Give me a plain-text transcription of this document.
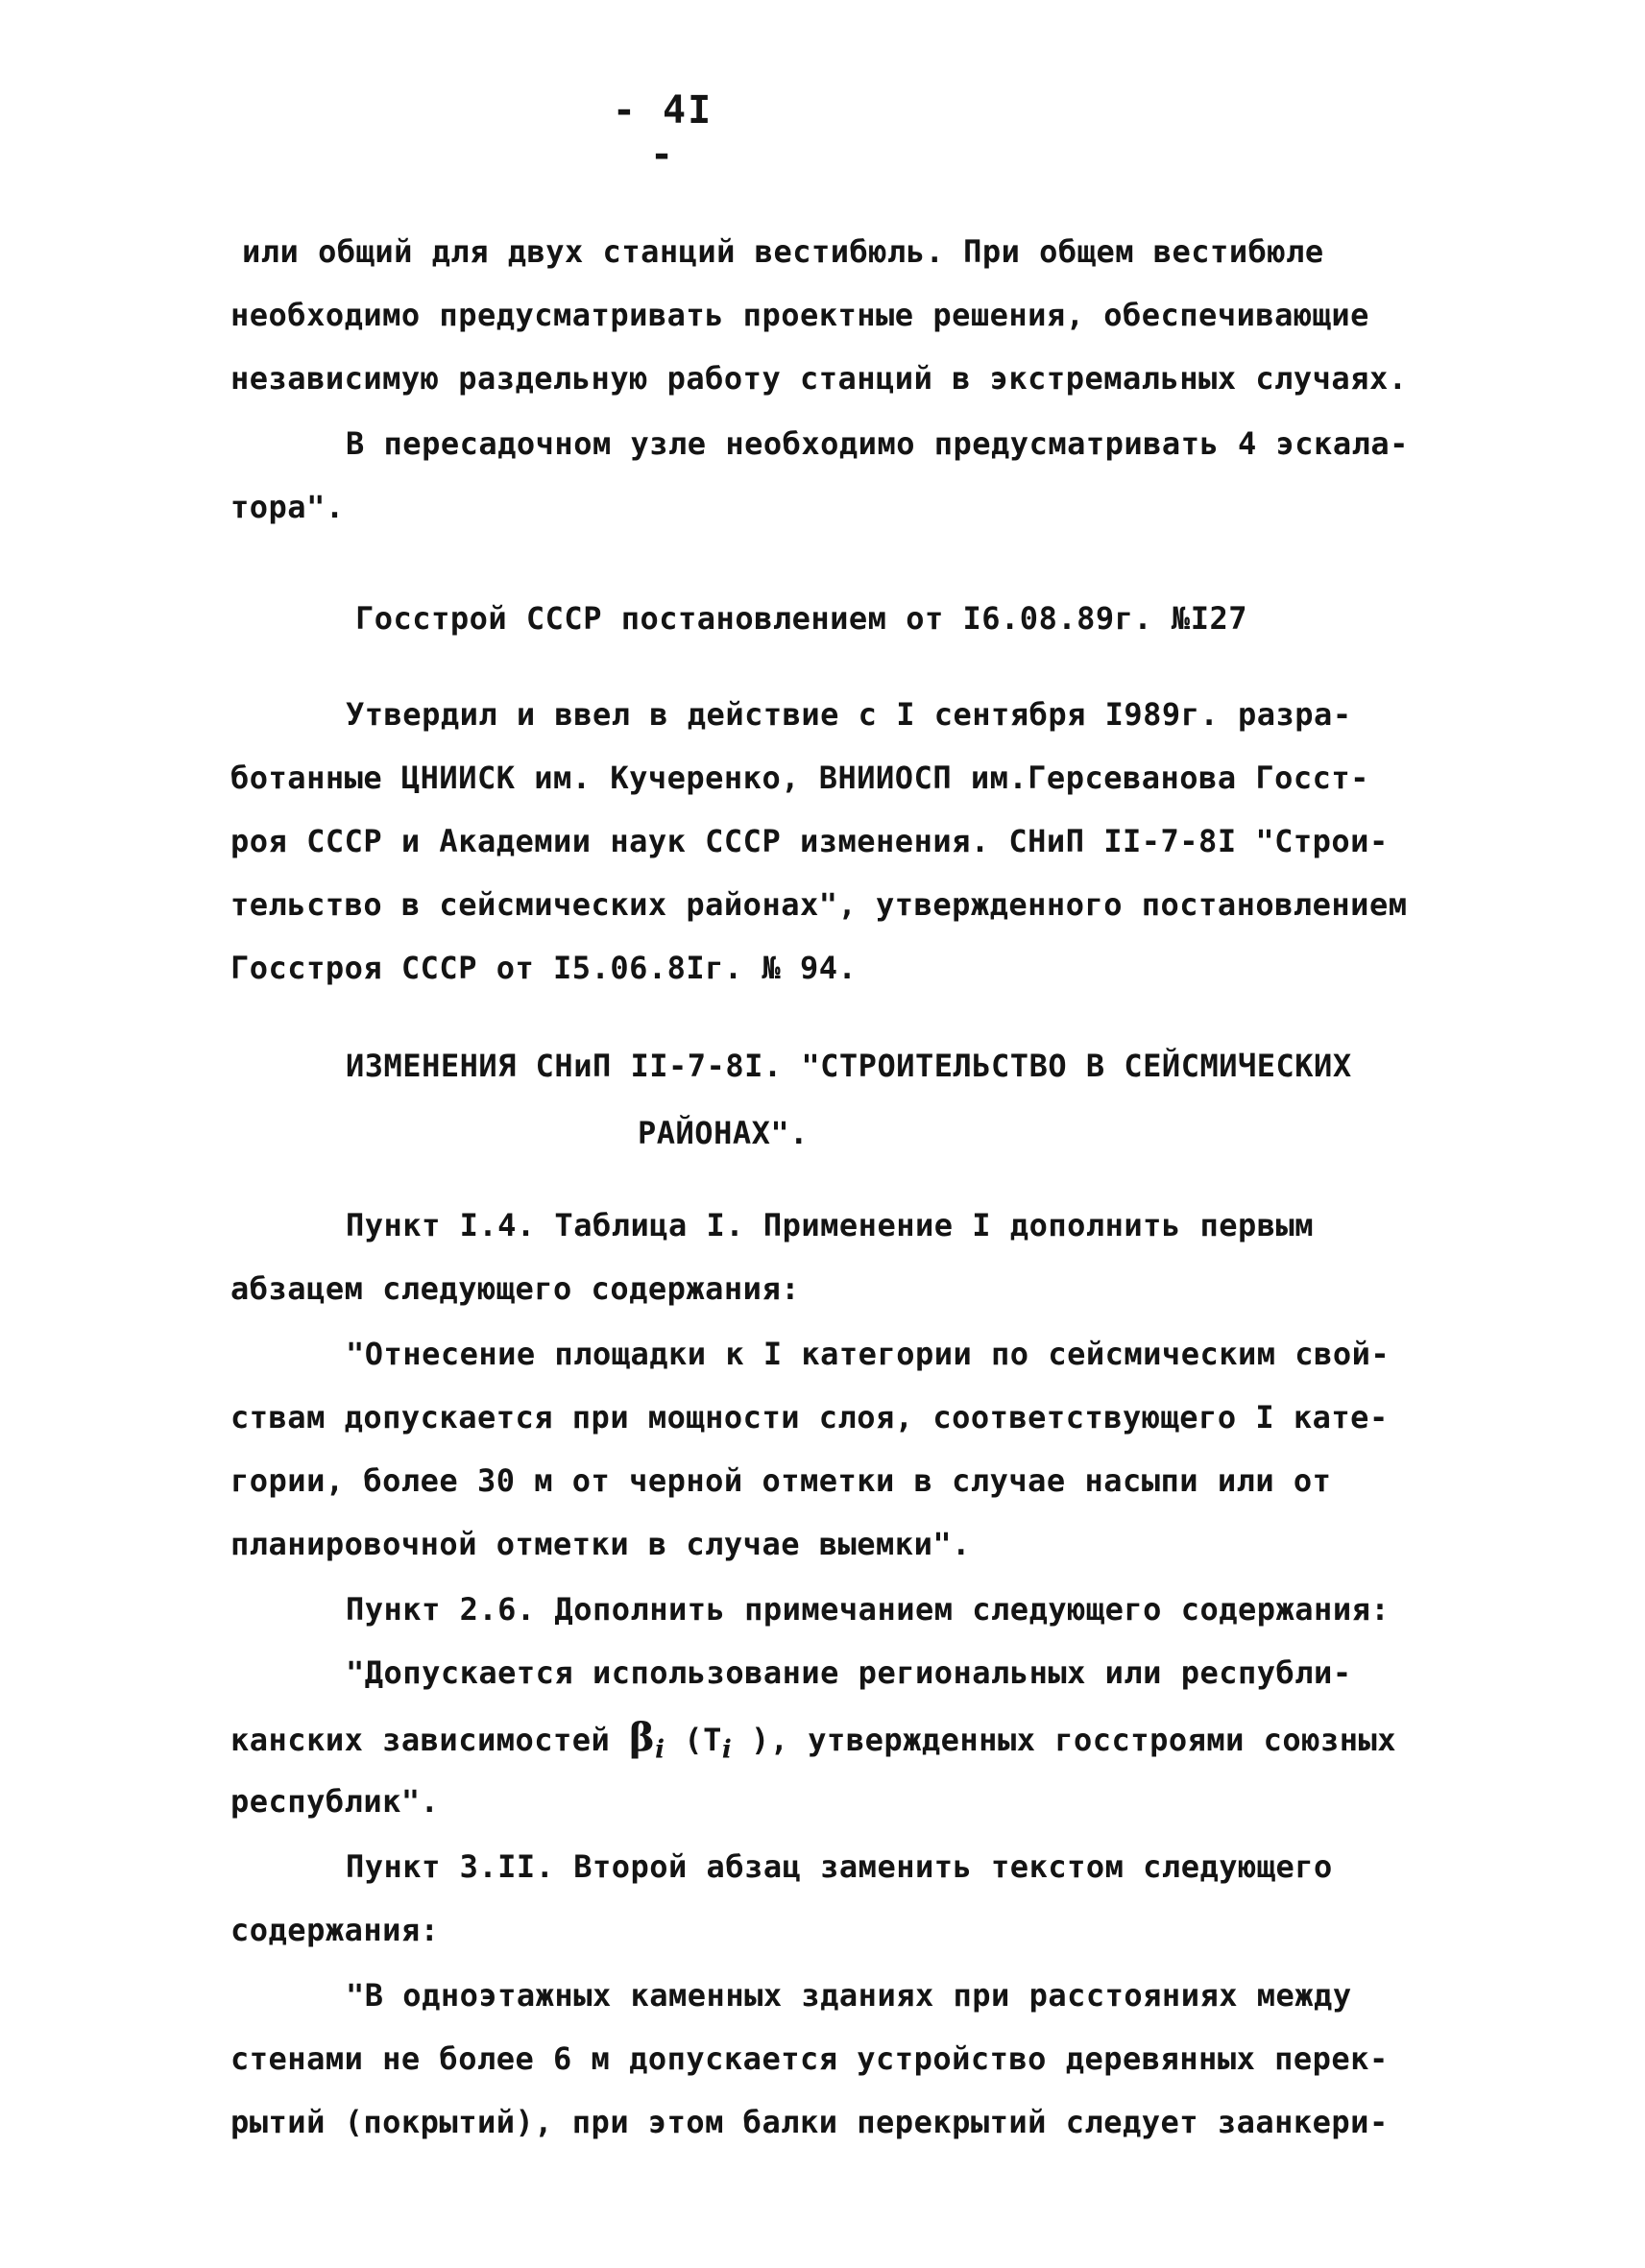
- 4I -
или общий для двух станций вестибюль. При общем вестибюле
необходимо предусматривать проектные решения, обеспечивающие
независимую раздельную работу станций в экстремальных случаях.
В пересадочном узле необходимо предусматривать 4 эскала-
тора".
Госстрой СССР постановлением от I6.08.89г. №I27
Утвердил и ввел в действие с I сентября I989г. разра-
ботанные ЦНИИСК им. Кучеренко, ВНИИОСП им.Герсеванова Госст-
роя СССР и Академии наук СССР изменения. СНиП II-7-8I "Строи-
тельство в сейсмических районах", утвержденного постановлением
Госстроя СССР от I5.06.8Iг. № 94.
ИЗМЕНЕНИЯ СНиП II-7-8I. "СТРОИТЕЛЬСТВО В СЕЙСМИЧЕСКИХ
РАЙОНАХ".
Пункт I.4. Таблица I. Применение I дополнить первым
абзацем следующего содержания:
"Отнесение площадки к I категории по сейсмическим свой-
ствам допускается при мощности слоя, соответствующего I кате-
гории, более 30 м от черной отметки в случае насыпи или от
планировочной отметки в случае выемки".
Пункт 2.6. Дополнить примечанием следующего содержания:
"Допускается использование региональных или республи-
канских зависимостей $\beta_i$ ($T_i$ ), утвержденных госстроями союзных
республик".
Пункт 3.II. Второй абзац заменить текстом следующего
содержания:
"В одноэтажных каменных зданиях при расстояниях между
стенами не более 6 м допускается устройство деревянных перек-
рытий (покрытий), при этом балки перекрытий следует заанкери-
